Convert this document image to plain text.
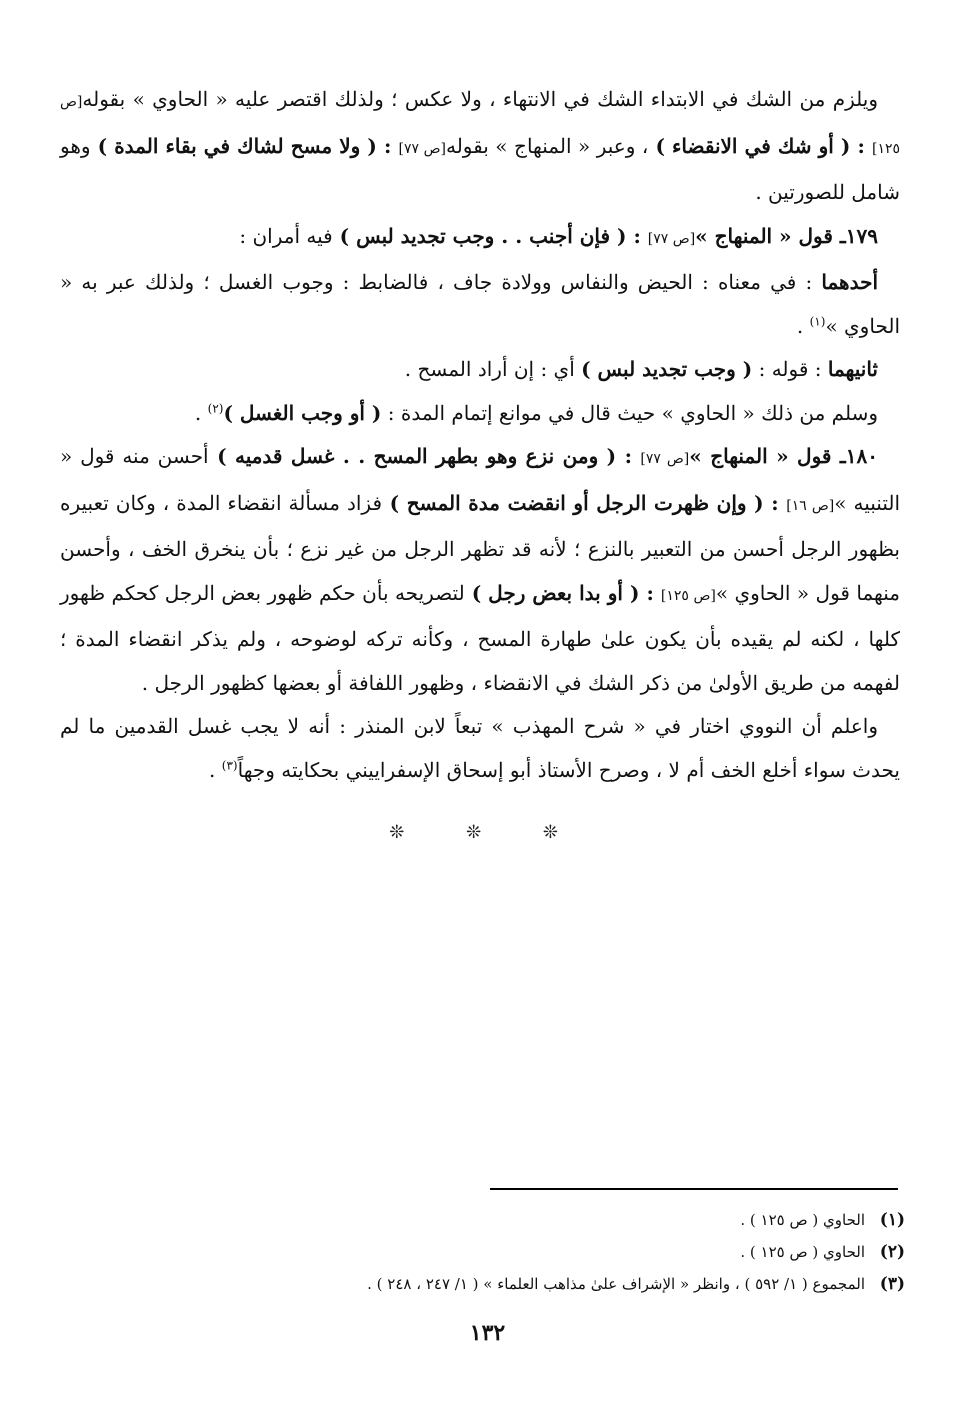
ويلزم من الشك في الابتداء الشك في الانتهاء ، ولا عكس ؛ ولذلك اقتصر عليه « الحاوي » بقوله[ص ١٢٥] : ( أو شك في الانقضاء ) ، وعبر « المنهاج » بقوله[ص ٧٧] : ( ولا مسح لشاك في بقاء المدة ) وهو شامل للصورتين .

١٧٩ـ قول « المنهاج »[ص ٧٧] : ( فإن أجنب . . وجب تجديد لبس ) فيه أمران :

أحدهما : في معناه : الحيض والنفاس وولادة جاف ، فالضابط : وجوب الغسل ؛ ولذلك عبر به « الحاوي »$^{(١)}$ .

ثانيهما : قوله : ( وجب تجديد لبس ) أي : إن أراد المسح .

وسلم من ذلك « الحاوي » حيث قال في موانع إتمام المدة : ( أو وجب الغسل )$^{(٢)}$ .

١٨٠ـ قول « المنهاج »[ص ٧٧] : ( ومن نزع وهو بطهر المسح . . غسل قدميه ) أحسن منه قول « التنبيه »[ص ١٦] : ( وإن ظهرت الرجل أو انقضت مدة المسح ) فزاد مسألة انقضاء المدة ، وكان تعبيره بظهور الرجل أحسن من التعبير بالنزع ؛ لأنه قد تظهر الرجل من غير نزع ؛ بأن ينخرق الخف ، وأحسن منهما قول « الحاوي »[ص ١٢٥] : ( أو بدا بعض رجل ) لتصريحه بأن حكم ظهور بعض الرجل كحكم ظهور كلها ، لكنه لم يقيده بأن يكون علىٰ طهارة المسح ، وكأنه تركه لوضوحه ، ولم يذكر انقضاء المدة ؛ لفهمه من طريق الأولىٰ من ذكر الشك في الانقضاء ، وظهور اللفافة أو بعضها كظهور الرجل .

واعلم أن النووي اختار في « شرح المهذب » تبعاً لابن المنذر : أنه لا يجب غسل القدمين ما لم يحدث سواء أخلع الخف أم لا ، وصرح الأستاذ أبو إسحاق الإسفراييني بحكايته وجهاً$^{(٣)}$ .

❊ ❊ ❊

(١)الحاوي ( ص ١٢٥ ) .

(٢)الحاوي ( ص ١٢٥ ) .

(٣)المجموع ( ١/ ٥٩٢ ) ، وانظر « الإشراف علىٰ مذاهب العلماء » ( ١/ ٢٤٧ ، ٢٤٨ ) .

١٣٢
